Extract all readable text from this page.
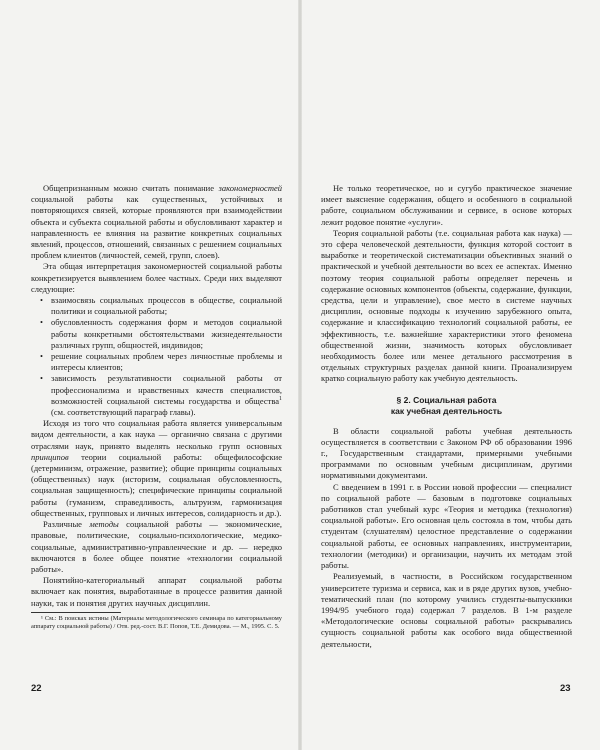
Общепризнанным можно считать понимание закономерностей социальной работы как существенных, устойчивых и повторяющихся связей, которые проявляются при взаимодействии объекта и субъекта социальной работы и обусловливают характер и направленность ее влияния на развитие конкретных социальных явлений, процессов, отношений, связанных с решением социальных проблем клиентов (личностей, семей, групп, слоев).

Эта общая интерпретация закономерностей социальной работы конкретизируется выявлением более частных. Среди них выделяют следующие:

• взаимосвязь социальных процессов в обществе, социальной политики и социальной работы;
• обусловленность содержания форм и методов социальной работы конкретными обстоятельствами жизнедеятельности различных групп, общностей, индивидов;
• решение социальных проблем через личностные проблемы и интересы клиентов;
• зависимость результативности социальной работы от профессионализма и нравственных качеств специалистов, возможностей социальной системы государства и общества$^1$ (см. соответствующий параграф главы).

Исходя из того что социальная работа является универсальным видом деятельности, а как наука — органично связана с другими отраслями наук, принято выделять несколько групп основных принципов теории социальной работы: общефилософские (детерминизм, отражение, развитие); общие принципы социальных (общественных) наук (историзм, социальная обусловленность, социальная защищенность); специфические принципы социальной работы (гуманизм, справедливость, альтруизм, гармонизация общественных, групповых и личных интересов, солидарность и др.).

Различные методы социальной работы — экономические, правовые, политические, социально-психологические, медико-социальные, административно-управленческие и др. — нередко включаются в более общее понятие «технологии социальной работы».

Понятийно-категориальный аппарат социальной работы включает как понятия, выработанные в процессе развития данной науки, так и понятия других научных дисциплин.

¹ См.: В поисках истины (Материалы методологического семинара по категориальному аппарату социальной работы) / Отв. ред.-сост. В.Г. Попов, Т.Е. Демидова. — М., 1995. С. 5.

22

Не только теоретическое, но и сугубо практическое значение имеет выяснение содержания, общего и особенного в социальной работе, социальном обслуживании и сервисе, в основе которых лежит родовое понятие «услуги».

Теория социальной работы (т.е. социальная работа как наука) — это сфера человеческой деятельности, функция которой состоит в выработке и теоретической систематизации объективных знаний о практической и учебной деятельности во всех ее аспектах. Именно поэтому теория социальной работы определяет перечень и содержание основных компонентов (объекты, содержание, функции, средства, цели и управление), свое место в системе научных дисциплин, основные подходы к изучению зарубежного опыта, содержание и классификацию технологий социальной работы, ее эффективность, т.е. важнейшие характеристики этого феномена общественной жизни, значимость которых обусловливает необходимость более или менее детального рассмотрения в отдельных структурных разделах данной книги. Проанализируем кратко социальную работу как учебную деятельность.

§ 2. Социальная работа
как учебная деятельность

В области социальной работы учебная деятельность осуществляется в соответствии с Законом РФ об образовании 1996 г., Государственным стандартами, примерными учебными программами по основным учебным дисциплинам, другими нормативными документами.

С введением в 1991 г. в России новой профессии — специалист по социальной работе — базовым в подготовке социальных работников стал учебный курс «Теория и методика (технология) социальной работы». Его основная цель состояла в том, чтобы дать студентам (слушателям) целостное представление о содержании социальной работы, ее основных направлениях, инструментарии, технологии (методики) и организации, научить их методам этой работы.

Реализуемый, в частности, в Российском государственном университете туризма и сервиса, как и в ряде других вузов, учебно-тематический план (по которому учились студенты-выпускники 1994/95 учебного года) содержал 7 разделов. В 1-м разделе «Методологические основы социальной работы» раскрывались сущность социальной работы как особого вида общественной деятельности,

23
